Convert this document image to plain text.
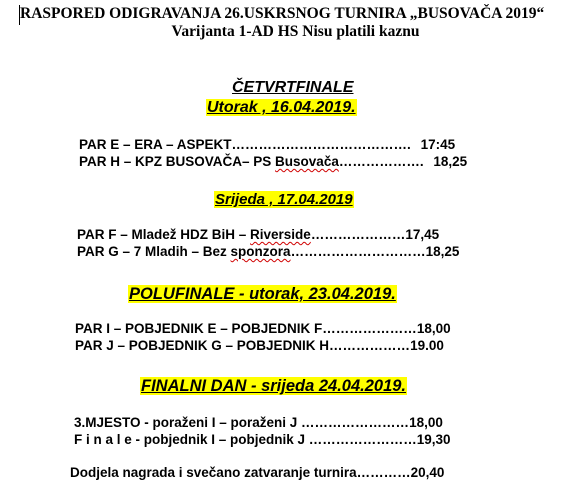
RASPORED ODIGRAVANJA 26.USKRSNOG TURNIRA „BUSOVAČA 2019“
Varijanta 1-AD HS Nisu platili kaznu
ČETVRTFINALE
Utorak , 16.04.2019.
PAR E – ERA – ASPEKT…………………………………. 17:45
PAR H – KPZ BUSOVAČA– PS Busovača………………. 18,25
Srijeda , 17.04.2019
PAR F – Mladež HDZ BiH – Riverside…………………17,45
PAR G – 7 Mladih – Bez sponzora…………………………18,25
POLUFINALE - utorak, 23.04.2019.
PAR I – POBJEDNIK E – POBJEDNIK F…………………18,00
PAR J – POBJEDNIK G – POBJEDNIK H………………19.00
FINALNI DAN - srijeda 24.04.2019.
3.MJESTO - poraženi I – poraženi J ……………………18,00
F i n a l e - pobjednik I – pobjednik J ……………………19,30
Dodjela nagrada i svečano zatvaranje turnira…………20,40
